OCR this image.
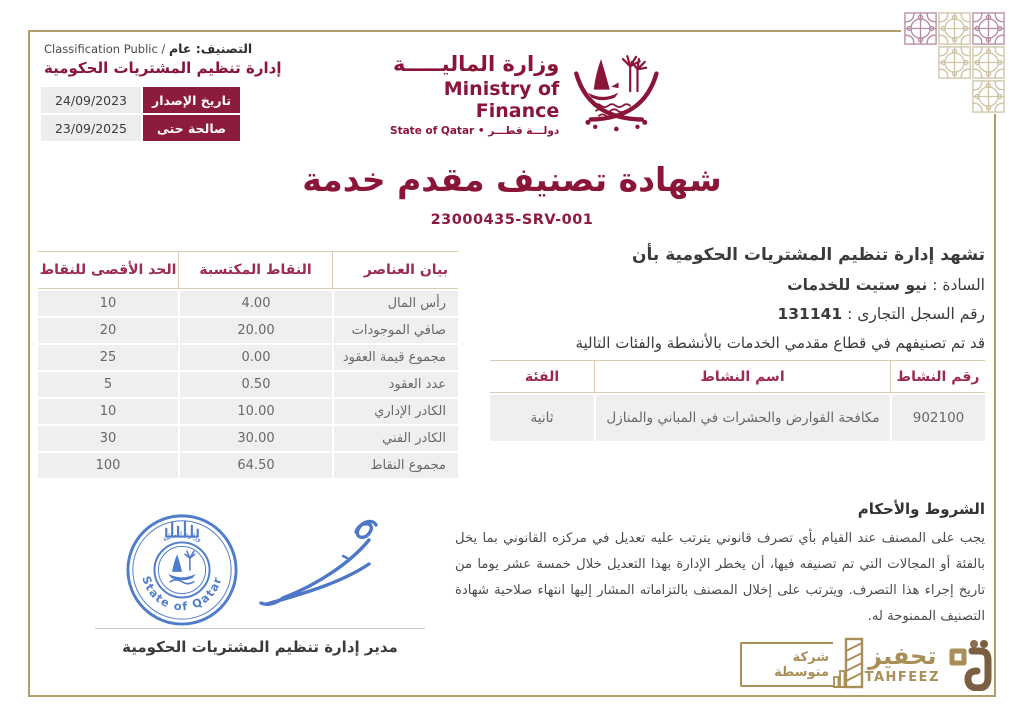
Classification Public / التصنيف: عام
إدارة تنظيم المشتريات الحكومية
تاريخ الإصدار
24/09/2023
صالحة حتى
23/09/2025
وزارة الماليـــــة
Ministry of Finance
دولـــة قطـــر • State of Qatar
شهادة تصنيف مقدم خدمة
23000435-SRV-001
تشهد إدارة تنظيم المشتريات الحكومية بأن
السادة : نيو ستيت للخدمات
رقم السجل التجارى : 131141
قد تم تصنيفهم في قطاع مقدمي الخدمات بالأنشطة والفئات التالية
رقم النشاط
اسم النشاط
الفئة
902100
مكافحة القوارض والحشرات في المباني والمنازل
ثانية
بيان العناصر
النقاط المكتسبة
الحد الأقصى للنقاط
رأس المال
4.00
10
صافي الموجودات
20.00
20
مجموع قيمة العقود
0.00
25
عدد العقود
0.50
5
الكادر الإداري
10.00
10
الكادر الفني
30.00
30
مجموع النقاط
64.50
100
الشروط والأحكام
يجب على المصنف عند القيام بأي تصرف قانوني يترتب عليه تعديل في مركزه القانوني بما يخل بالفئة أو المجالات التي تم تصنيفه فيها، أن يخطر الإدارة بهذا التعديل خلال خمسة عشر يوما من تاريخ إجراء هذا التصرف. ويترتب على إخلال المصنف بالتزاماته المشار إليها انتهاء صلاحية شهادة التصنيف الممنوحة له.
State of Qatar
وزارة المالية
مدير إدارة تنظيم المشتريات الحكومية
شركة متوسطة
تحفيز
TAHFEEZ
